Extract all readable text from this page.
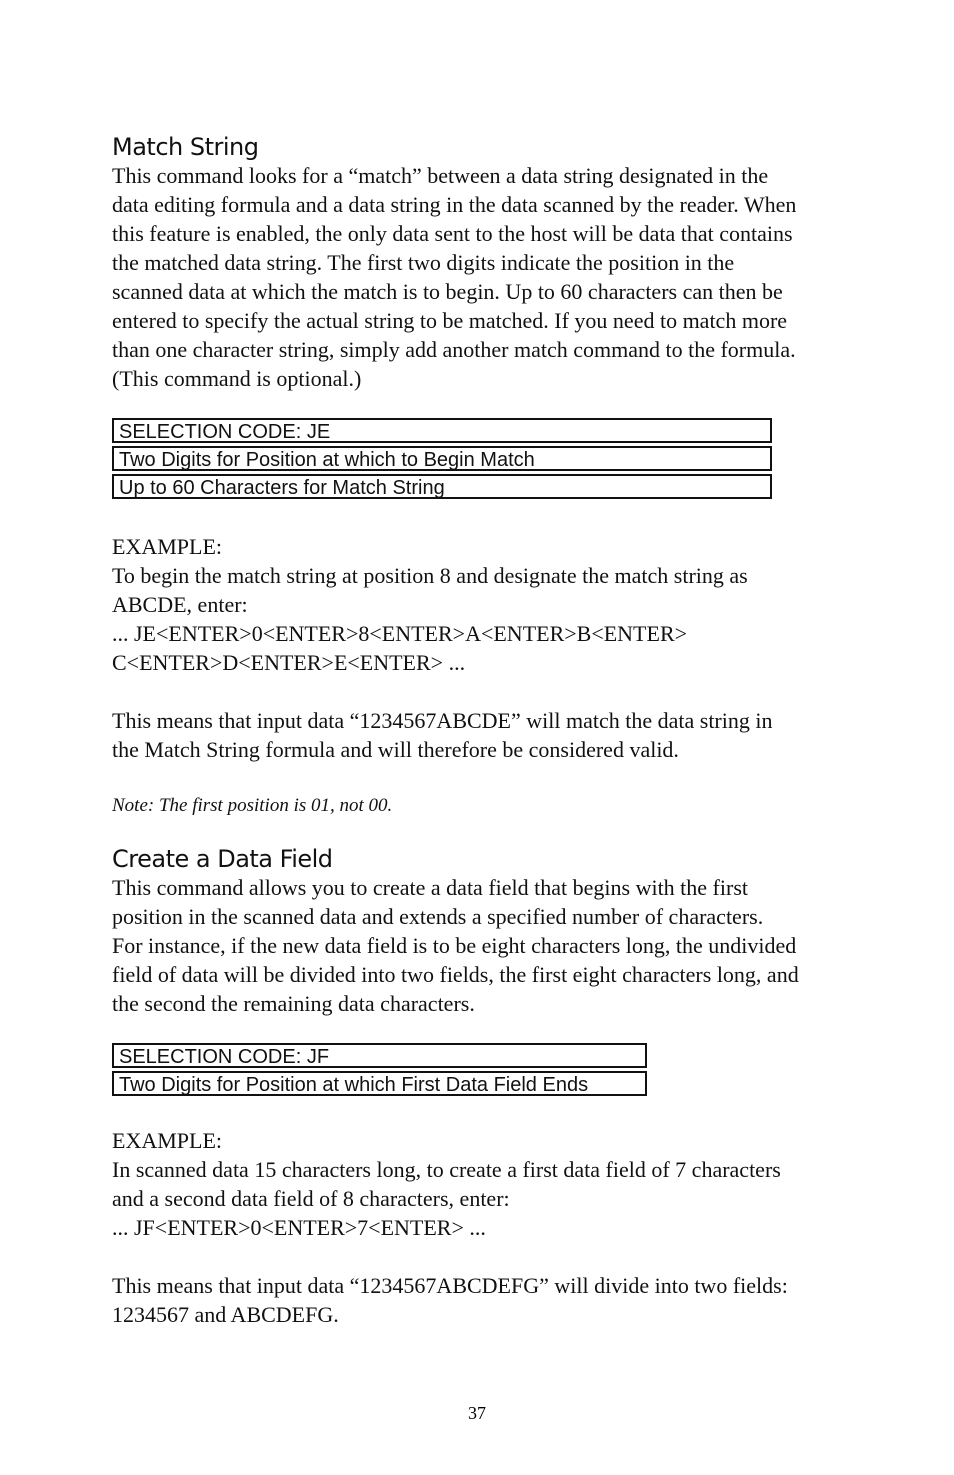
Match String

This command looks for a “match” between a data string designated in the
data editing formula and a data string in the data scanned by the reader. When
this feature is enabled, the only data sent to the host will be data that contains
the matched data string. The first two digits indicate the position in the
scanned data at which the match is to begin. Up to 60 characters can then be
entered to specify the actual string to be matched. If you need to match more
than one character string, simply add another match command to the formula.
(This command is optional.)

SELECTION CODE: JE
Two Digits for Position at which to Begin Match
Up to 60 Characters for Match String

EXAMPLE:
To begin the match string at position 8 and designate the match string as
ABCDE, enter:
... JE<ENTER>0<ENTER>8<ENTER>A<ENTER>B<ENTER>
C<ENTER>D<ENTER>E<ENTER> ...

This means that input data “1234567ABCDE” will match the data string in
the Match String formula and will therefore be considered valid.

Note: The first position is 01, not 00.

Create a Data Field

This command allows you to create a data field that begins with the first
position in the scanned data and extends a specified number of characters.
For instance, if the new data field is to be eight characters long, the undivided
field of data will be divided into two fields, the first eight characters long, and
the second the remaining data characters.

SELECTION CODE: JF
Two Digits for Position at which First Data Field Ends

EXAMPLE:
In scanned data 15 characters long, to create a first data field of 7 characters
and a second data field of 8 characters, enter:
... JF<ENTER>0<ENTER>7<ENTER> ...

This means that input data “1234567ABCDEFG” will divide into two fields:
1234567 and ABCDEFG.

37
